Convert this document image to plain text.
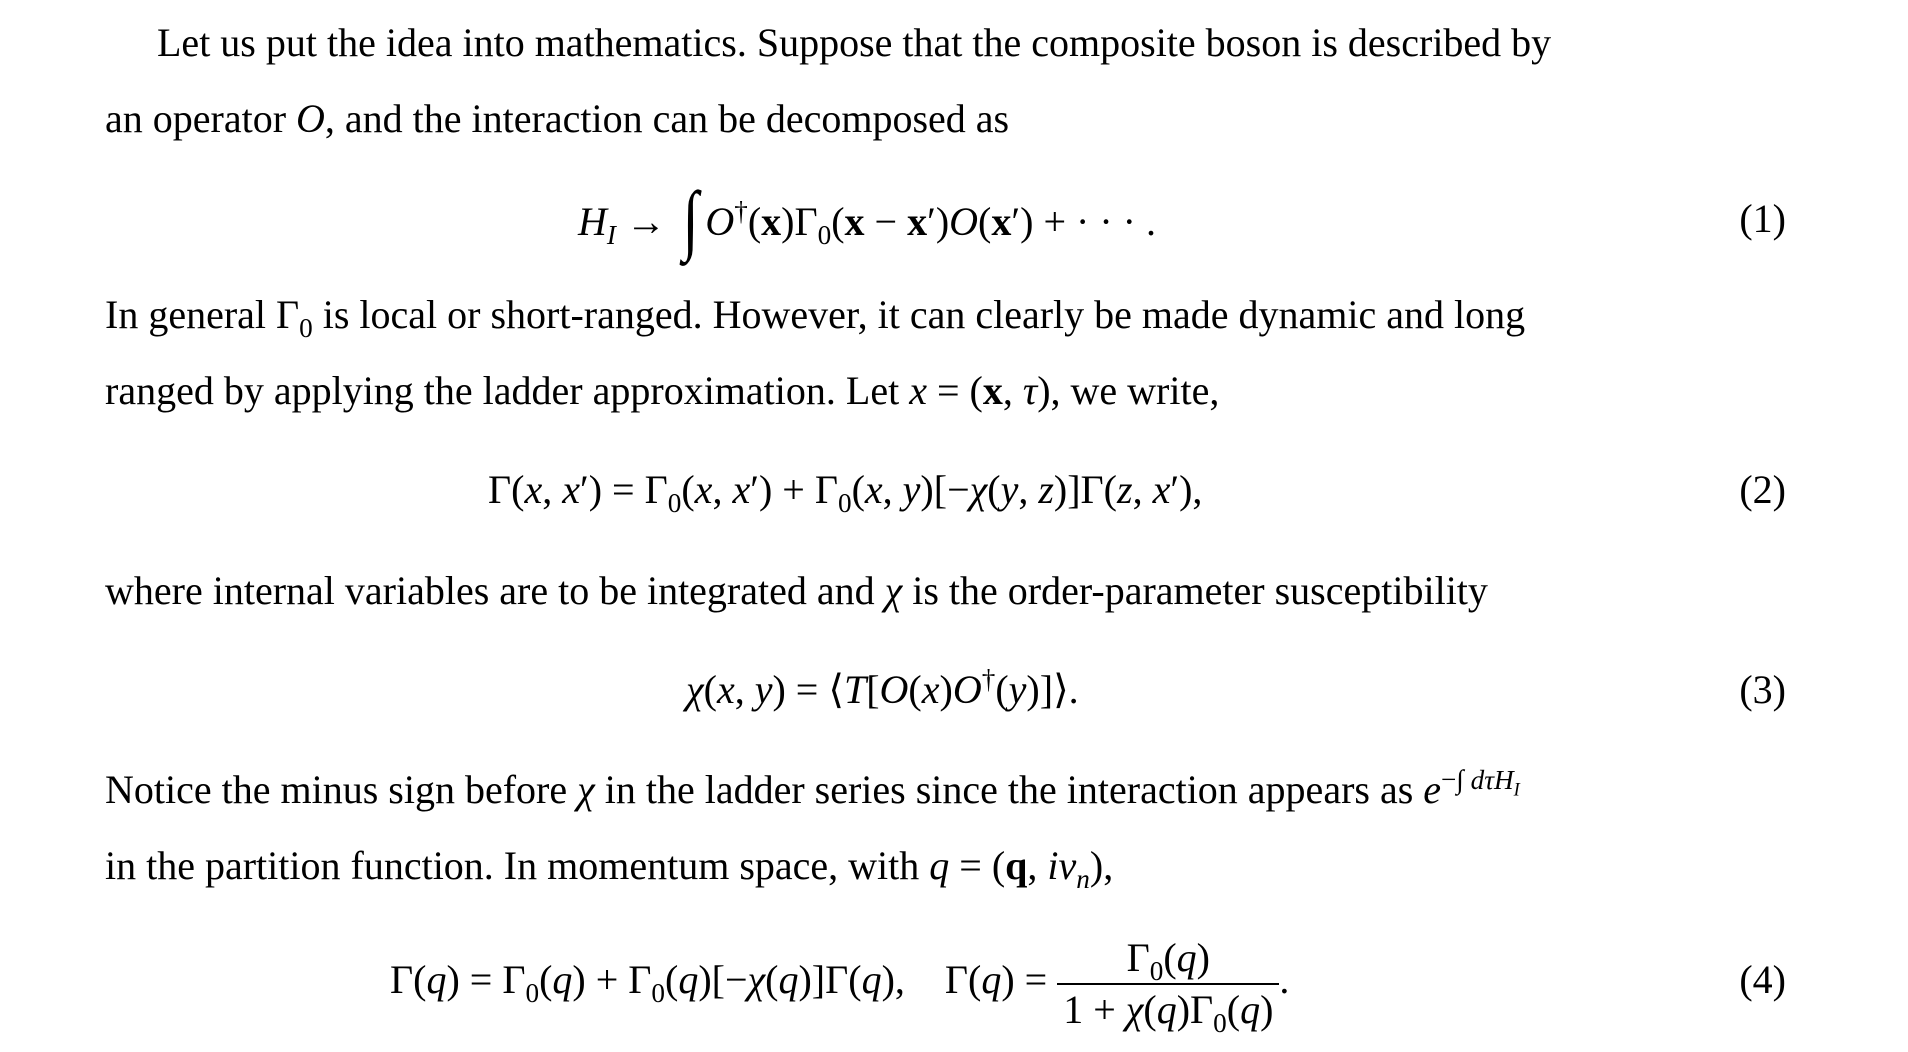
Let us put the idea into mathematics. Suppose that the composite boson is described by
an operator O, and the interaction can be decomposed as

$H_I$ → ∫ $O^\dagger(x)\Gamma_0(x - x')O(x')$ + · · · .	(1)

In general $\Gamma_0$ is local or short-ranged. However, it can clearly be made dynamic and long
ranged by applying the ladder approximation. Let x = (x, τ), we write,

Γ(x, $x') = \Gamma_0(x$, $x') + \Gamma_0(x$, y)[−χ(y, z)]Γ(z, x′),	(2)

where internal variables are to be integrated and χ is the order-parameter susceptibility

χ(x, y) = ⟨T[O(x)O†(y)]⟩.	(3)

Notice the minus sign before χ in the ladder series since the interaction appears as $e^{-\int d\tau H_I}$
in the partition function. In momentum space, with q = (q, $i\nu_n$),

$\Gamma(q) = \Gamma_0(q) + \Gamma_0(q)[-\chi(q)]\Gamma(q)$,    $\Gamma(q) = \frac{\Gamma_0(q)}{1 + \chi(q)\Gamma_0(q)}$ .	(4)
